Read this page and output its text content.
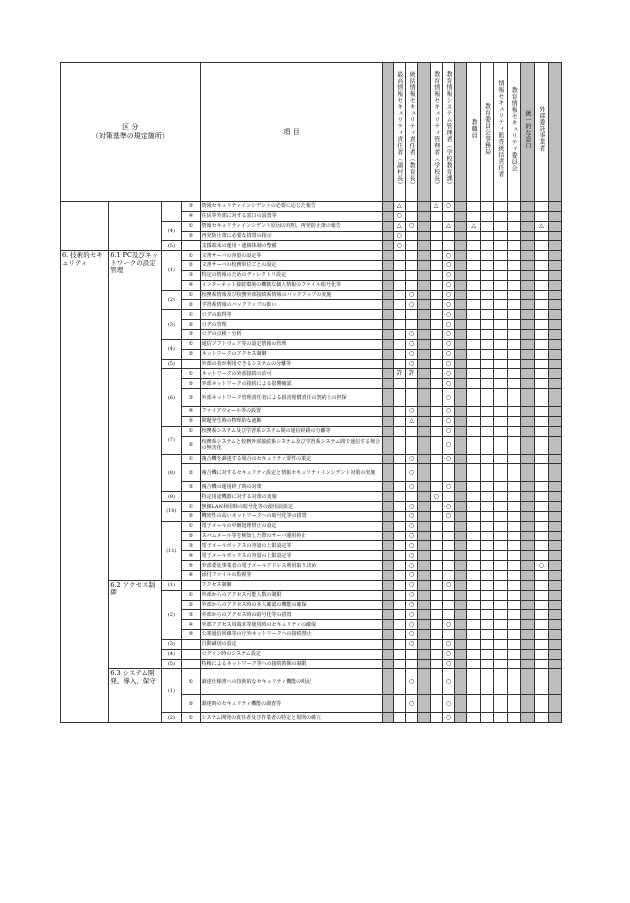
区 分
（対策基準の規定箇所）				項 目		最高情報セキュリティ責任者（副村長）	統括情報セキュリティ責任者（教育長）		教育情報セキュリティ管理者（学校長）	教育情報システム管理者（学校教育課）		教職員	教育委員会事務局	情報セキュリティ監査統括責任者	教育情報セキュリティ委員会	統一的な窓口	外部委託事業者	
			③	情報セキュリティインシデントの必要に応じた報告		△			△	○								
			④	住民等外部に対する窓口の設置等		○												
		(4)	①	情報セキュリティインシデント原因の究明、再発防止策の報告		△	○			△		△					△	
			②	再発防止策に必要な措置の指示		○												
		(5)		支援端末の運用・連絡体制の整備		○												
6. 技術的セキュリティ	6.1 PC及びネットワークの設定管理	(1)	①	文書サーバの容量の設定等						○								
			②	文書サーバの校務単位ごとの設定						○								
			③	特定の情報のためのディレクトリ設定						○								
			④	インターネット接続環境の機微な個人情報のファイル暗号化等						○								
		(2)	①	校務系情報及び校務外部接続系情報のバックアップの実施			○			○								
			②	学習系情報のバックアップの扱い			○			○								
		(3)	①	ログの取得等						○								
			②	ログの管理						○								
			③	ログの点検・分析			○			○								
		(4)	①	通信ソフトウェア等の設定情報の管理			○			○								
			②	ネットワークのアクセス制御			○			○								
		(5)		外部の者が利用できるシステムの分離等			○			○								
		(6)	①	ネットワークの外部接続の許可		許	許			○								
			②	外部ネットワークの接続による影響確認						○								
			③	外部ネットワーク管理責任者による損害賠償責任の契約上の担保						○								
			④	ファイアウォール等の設置			○			○								
			⑤	問題発生時の物理的な遮断			△			○								
		(7)	①	校務系システム及び学習系システム間の通信経路の分離等						○								
			②	校務系システムと校務外部接続系システム及び学習系システム間で通信する場合の無害化						○								
		(8)	①	複合機を調達する場合のセキュリティ要件の策定			○			○								
			②	複合機に対するセキュリティ設定と情報セキュリティインシデント対策の実施			○											
			③	複合機の運用終了時の対策			○			○								
		(9)		特定用途機器に対する対策の実施					○									
		(10)	①	無線LAN利用時の暗号化等の使用前設定			○			○								
			②	機密性の高いネットワークへの暗号化等の措置			○			○								
		(11)	①	電子メールの中継処理禁止の設定			○											
			②	スパムメール等を検知した際のサーバ運用停止			○											
			③	電子メールボックスの容量の上限設定等			○											
			④	電子メールボックスの容量の上限設定等			○											
			⑤	外部委託事業者の電子メールアドレス利用取り決め			○										○	
			⑥	添付ファイルの監視等			○											
	6.2 アクセス制御	(1)		アクセス制御			○			○								
		(2)	①	外部からのアクセス可能人数の制限			○											
			②	外部からのアクセス時の本人確認の機能の確保			○											
			③	外部からのアクセス時の暗号化等の措置			○											
			④	外部アクセス用端末等使用時のセキュリティの確保			○			○								
			⑤	公衆通信回線等の庁外ネットワークへの接続禁止			○											
		(3)		自動識別の設定			○			○								
		(4)		ログイン時のシステム設定						○								
		(5)		特権によるネットワーク等への接続時間の制限						○								
	6.3 システム開発、導入、保守	(1)	①	調達仕様書への技術的なセキュリティ機能の明記			○			○								
			②	調達時のセキュリティ機能の調査等			○			○								
		(2)	①	システム開発の責任者及び作業者の特定と規則の確立						○								
